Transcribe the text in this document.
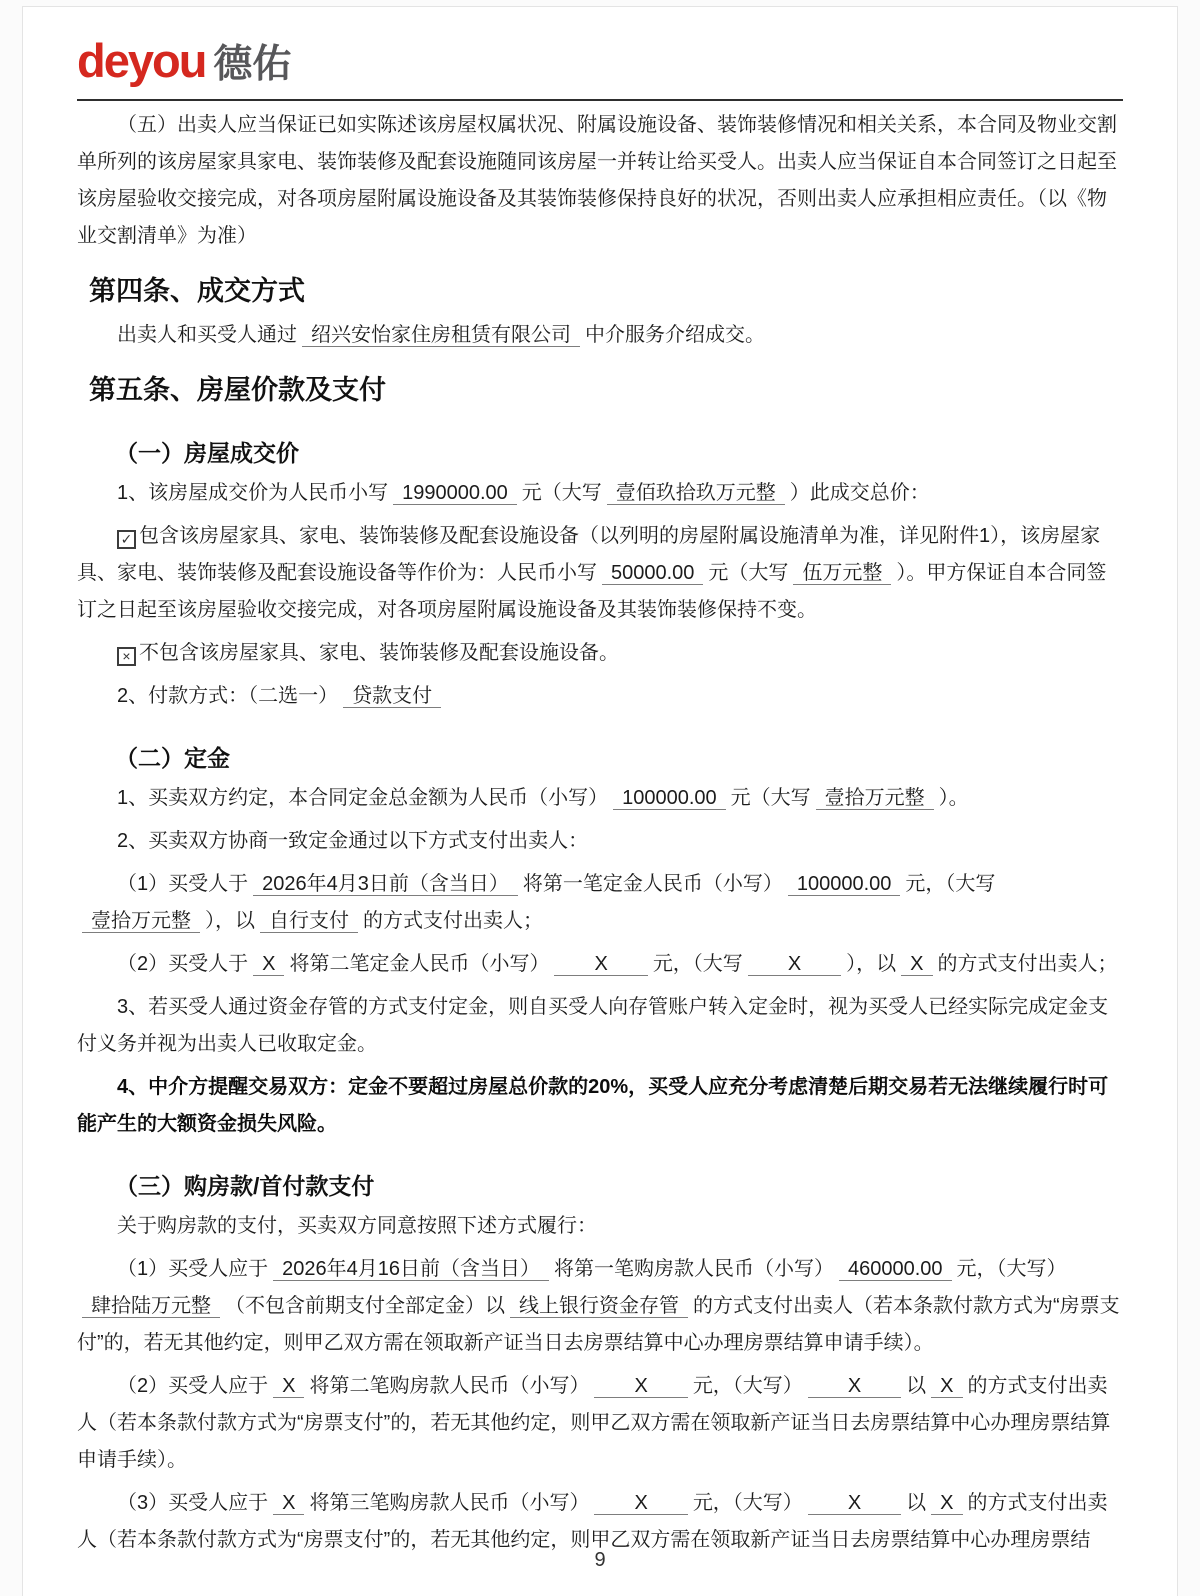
deyou 德佑
（五）出卖人应当保证已如实陈述该房屋权属状况、附属设施设备、装饰装修情况和相关关系，本合同及物业交割单所列的该房屋家具家电、装饰装修及配套设施随同该房屋一并转让给买受人。出卖人应当保证自本合同签订之日起至该房屋验收交接完成，对各项房屋附属设施设备及其装饰装修保持良好的状况，否则出卖人应承担相应责任。（以《物业交割清单》为准）
第四条、成交方式
出卖人和买受人通过 绍兴安怡家住房租赁有限公司 中介服务介绍成交。
第五条、房屋价款及支付
（一）房屋成交价
1、该房屋成交价为人民币小写 1990000.00 元（大写 壹佰玖拾玖万元整 ）此成交总价：
✓ 包含该房屋家具、家电、装饰装修及配套设施设备（以列明的房屋附属设施清单为准，详见附件1），该房屋家具、家电、装饰装修及配套设施设备等作价为：人民币小写 50000.00 元（大写 伍万元整 ）。甲方保证自本合同签订之日起至该房屋验收交接完成，对各项房屋附属设施设备及其装饰装修保持不变。
× 不包含该房屋家具、家电、装饰装修及配套设施设备。
2、付款方式：（二选一） 贷款支付
（二）定金
1、买卖双方约定，本合同定金总金额为人民币（小写） 100000.00 元（大写 壹拾万元整 ）。
2、买卖双方协商一致定金通过以下方式支付出卖人：
（1）买受人于 2026年4月3日前（含当日） 将第一笔定金人民币（小写） 100000.00 元，（大写壹拾万元整 ），以 自行支付 的方式支付出卖人；
（2）买受人于 X 将第二笔定金人民币（小写） X 元，（大写 X ），以 X 的方式支付出卖人；
3、若买受人通过资金存管的方式支付定金，则自买受人向存管账户转入定金时，视为买受人已经实际完成定金支付义务并视为出卖人已收取定金。
4、中介方提醒交易双方：定金不要超过房屋总价款的20%，买受人应充分考虑清楚后期交易若无法继续履行时可能产生的大额资金损失风险。
（三）购房款/首付款支付
关于购房款的支付，买卖双方同意按照下述方式履行：
（1）买受人应于 2026年4月16日前（含当日） 将第一笔购房款人民币（小写） 460000.00 元，（大写）肆拾陆万元整 （不包含前期支付全部定金）以 线上银行资金存管 的方式支付出卖人（若本条款付款方式为“房票支付”的，若无其他约定，则甲乙双方需在领取新产证当日去房票结算中心办理房票结算申请手续）。
（2）买受人应于 X 将第二笔购房款人民币（小写） X 元，（大写） X 以 X 的方式支付出卖人（若本条款付款方式为“房票支付”的，若无其他约定，则甲乙双方需在领取新产证当日去房票结算中心办理房票结算申请手续）。
（3）买受人应于 X 将第三笔购房款人民币（小写） X 元，（大写） X 以 X 的方式支付出卖人（若本条款付款方式为“房票支付”的，若无其他约定，则甲乙双方需在领取新产证当日去房票结算中心办理房票结
9
